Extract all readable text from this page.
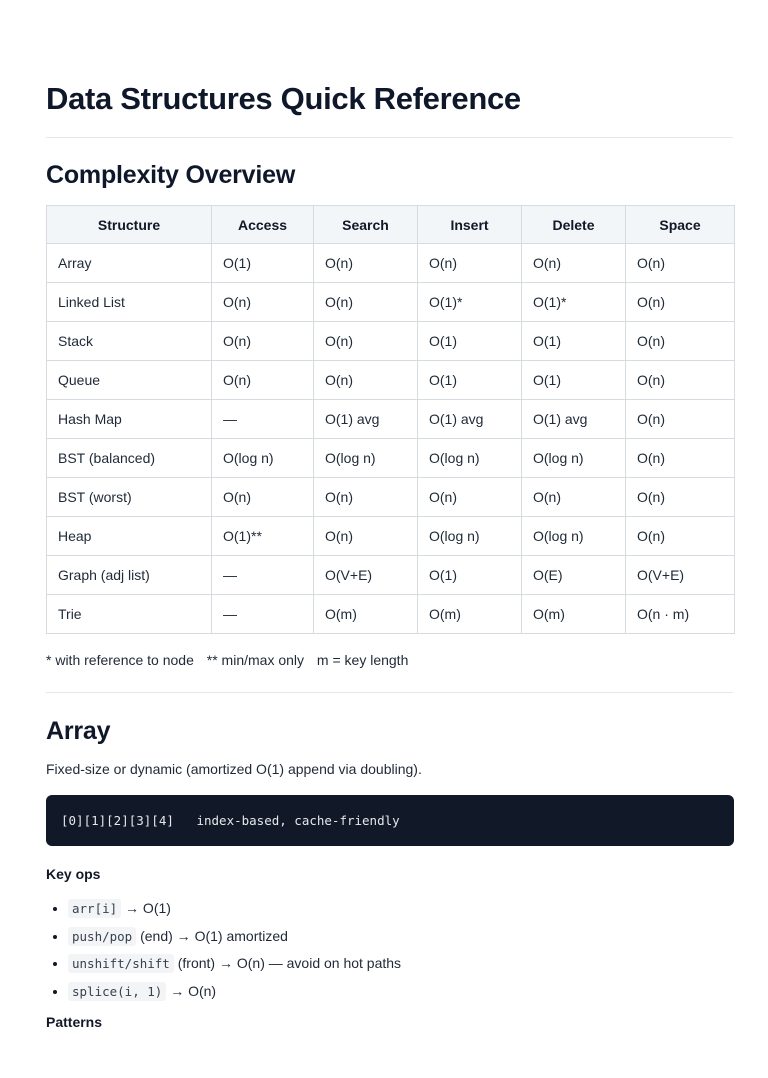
Data Structures Quick Reference
Complexity Overview
Structure	Access	Search	Insert	Delete	Space
Array	O(1)	O(n)	O(n)	O(n)	O(n)
Linked List	O(n)	O(n)	O(1)*	O(1)*	O(n)
Stack	O(n)	O(n)	O(1)	O(1)	O(n)
Queue	O(n)	O(n)	O(1)	O(1)	O(n)
Hash Map	—	O(1) avg	O(1) avg	O(1) avg	O(n)
BST (balanced)	O(log n)	O(log n)	O(log n)	O(log n)	O(n)
BST (worst)	O(n)	O(n)	O(n)	O(n)	O(n)
Heap	O(1)**	O(n)	O(log n)	O(log n)	O(n)
Graph (adj list)	—	O(V+E)	O(1)	O(E)	O(V+E)
Trie	—	O(m)	O(m)	O(m)	O(n · m)
* with reference to node ** min/max only m = key length
Array
Fixed-size or dynamic (amortized O(1) append via doubling).
[0][1][2][3][4]   index-based, cache-friendly
Key ops
• arr[i] → O(1)
• push/pop (end) → O(1) amortized
• unshift/shift (front) → O(n) — avoid on hot paths
• splice(i, 1) → O(n)
Patterns
